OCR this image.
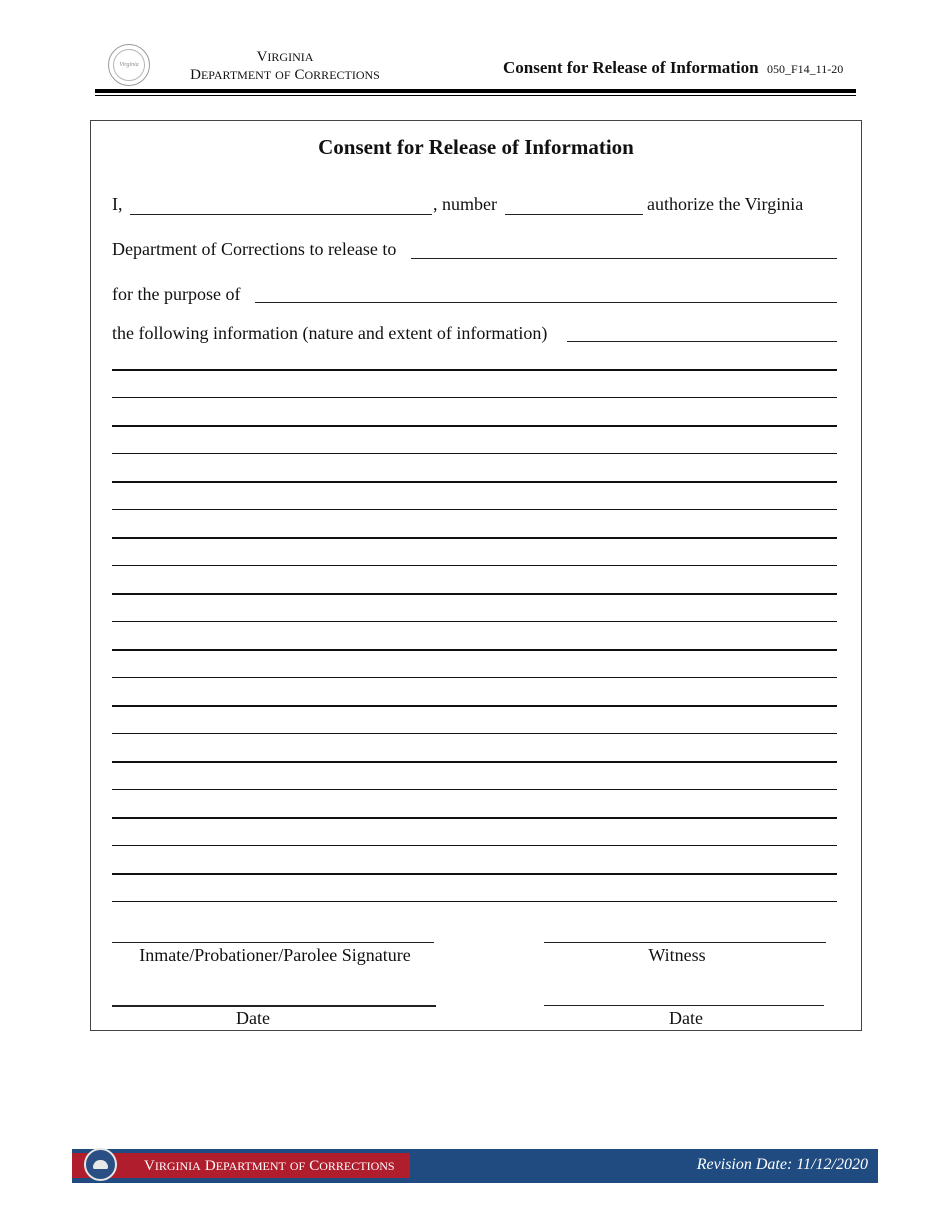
Virginia	VIRGINIA
DEPARTMENT OF CORRECTIONS	Consent for Release of Information 050_F14_11-20
Consent for Release of Information
I,	, number	authorize the Virginia
Department of Corrections to release to
for the purpose of
the following information (nature and extent of information)
Inmate/Probationer/Parolee Signature	Witness
Date	Date
VIRGINIA DEPARTMENT OF CORRECTIONS	Revision Date: 11/12/2020
